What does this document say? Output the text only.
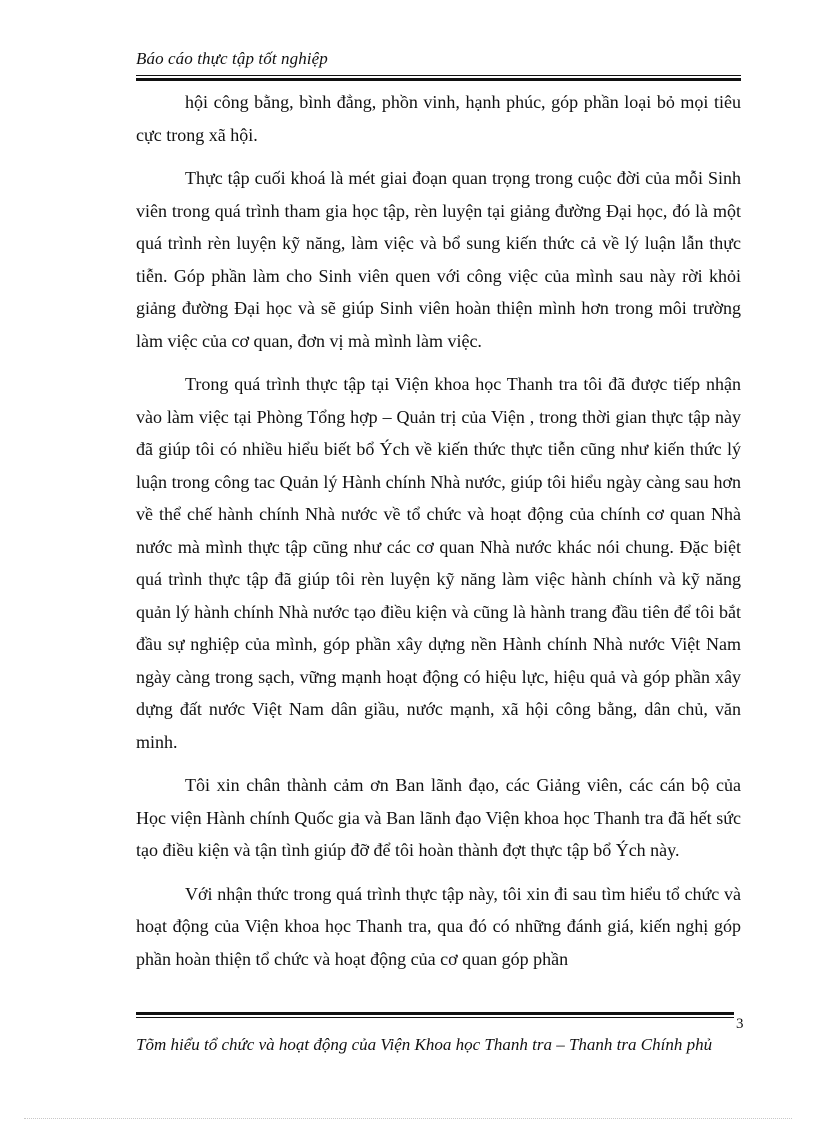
Báo cáo thực tập tốt nghiệp

hội công bằng, bình đẳng, phồn vinh, hạnh phúc, góp phần loại bỏ mọi tiêu cực trong xã hội.

Thực tập cuối khoá là mét giai đoạn quan trọng trong cuộc đời của mỗi Sinh viên trong quá trình tham gia học tập, rèn luyện tại giảng đường Đại học, đó là một quá trình rèn luyện kỹ năng, làm việc và bổ sung kiến thức cả về lý luận lẫn thực tiễn. Góp phần làm cho Sinh viên quen với công việc của mình sau này rời khỏi giảng đường Đại học và sẽ giúp Sinh viên hoàn thiện mình hơn trong môi trường làm việc của cơ quan, đơn vị mà mình làm việc.

Trong quá trình thực tập tại Viện khoa học Thanh tra tôi đã được tiếp nhận vào làm việc tại Phòng Tổng hợp – Quản trị của Viện , trong thời gian thực tập này đã giúp tôi có nhiều hiểu biết bổ Ých về kiến thức thực tiễn cũng như kiến thức lý luận trong công tac Quản lý Hành chính Nhà nước, giúp tôi hiểu ngày càng sau hơn về thể chế hành chính Nhà nước về tổ chức và hoạt động của chính cơ quan Nhà nước mà mình thực tập cũng như các cơ quan Nhà nước khác nói chung. Đặc biệt quá trình thực tập đã giúp tôi rèn luyện kỹ năng làm việc hành chính và kỹ năng quản lý hành chính Nhà nước tạo điều kiện và cũng là hành trang đầu tiên để tôi bắt đầu sự nghiệp của mình, góp phần xây dựng nền Hành chính Nhà nước Việt Nam ngày càng trong sạch, vững mạnh hoạt động có hiệu lực, hiệu quả và góp phần xây dựng đất nước Việt Nam dân giầu, nước mạnh, xã hội công bằng, dân chủ, văn minh.

Tôi xin chân thành cảm ơn Ban lãnh đạo, các Giảng viên, các cán bộ của Học viện Hành chính Quốc gia và Ban lãnh đạo Viện khoa học Thanh tra đã hết sức tạo điều kiện và tận tình giúp đỡ để tôi hoàn thành đợt thực tập bổ Ých này.

Với nhận thức trong quá trình thực tập này, tôi xin đi sau tìm hiểu tổ chức và hoạt động của Viện khoa học Thanh tra, qua đó có những đánh giá, kiến nghị góp phần hoàn thiện tổ chức và hoạt động của cơ quan góp phần

3
Tõm hiểu tổ chức và hoạt động của Viện Khoa học Thanh tra – Thanh tra Chính phủ
